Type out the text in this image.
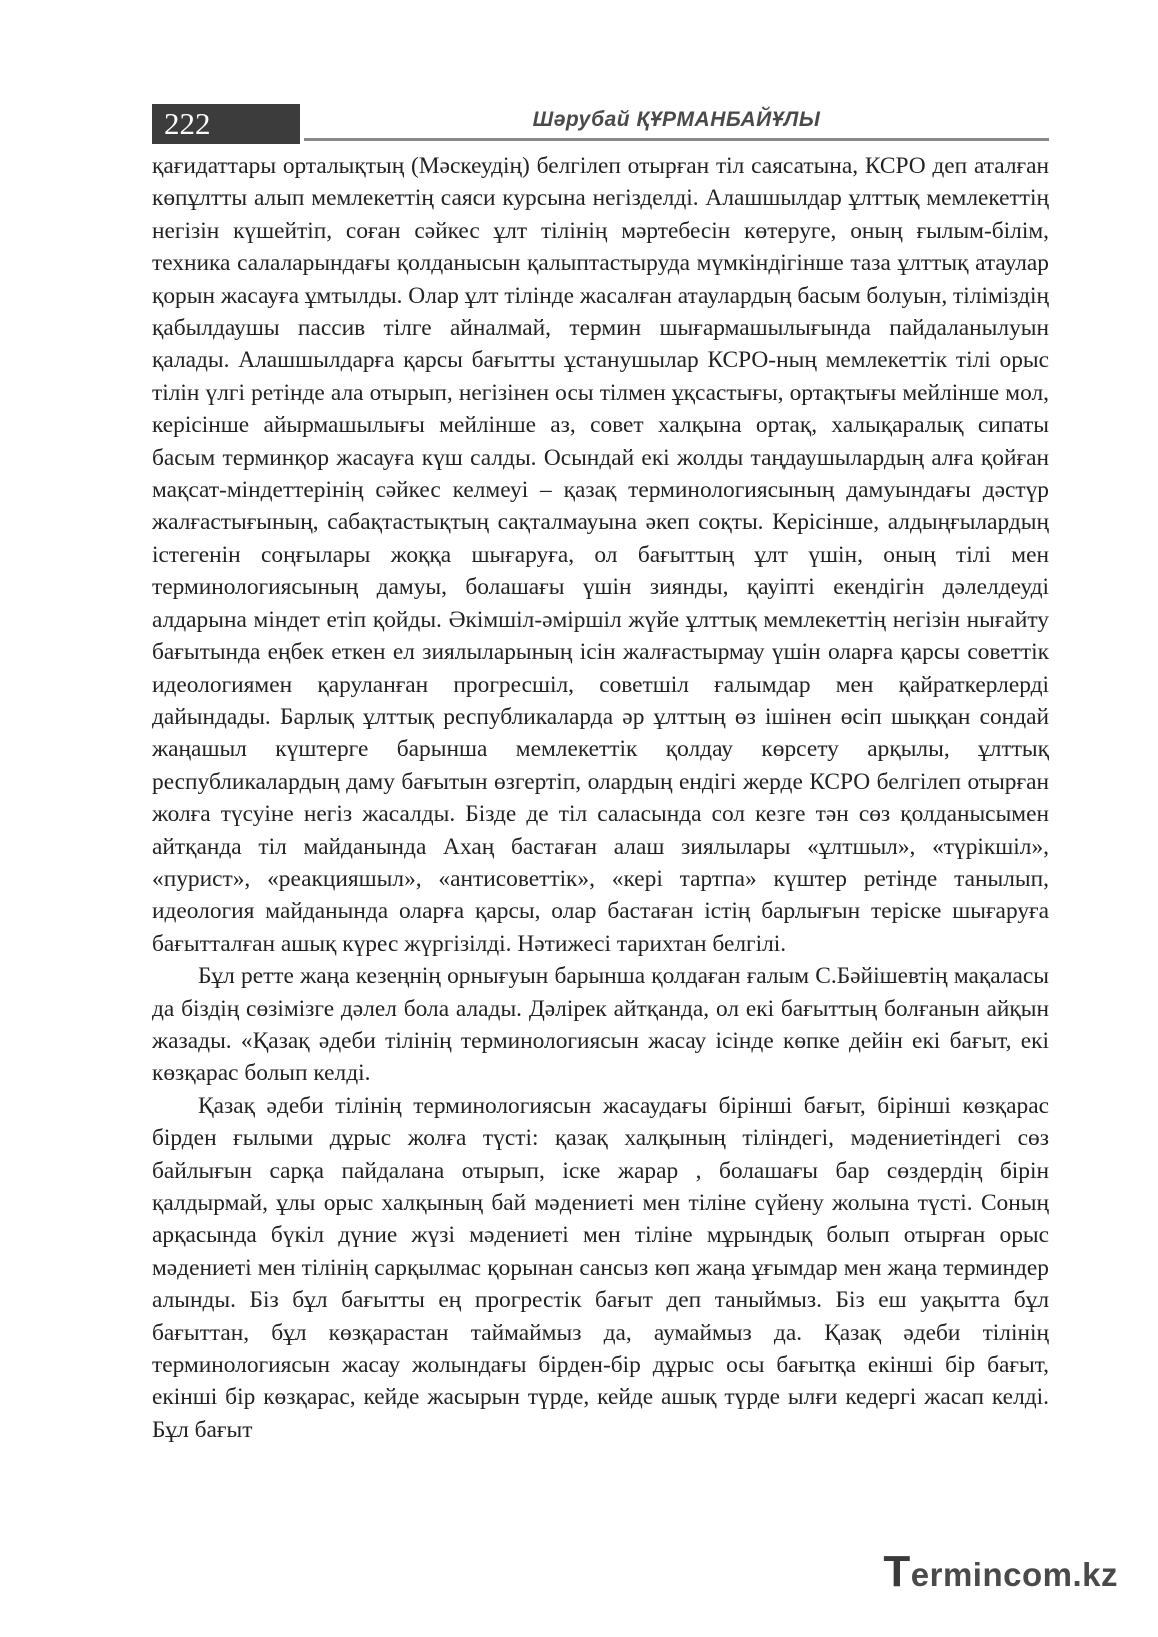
222	Шәрубай ҚҰРМАНБАЙҰЛЫ

қағидаттары орталықтың (Мәскеудің) белгілеп отырған тіл саясатына, КСРО деп аталған көпұлтты алып мемлекеттің саяси курсына негізделді. Алашшылдар ұлттық мемлекеттің негізін күшейтіп, соған сәйкес ұлт тілінің мәртебесін көтеруге, оның ғылым-білім, техника салаларындағы қолданысын қалыптастыруда мүмкіндігінше таза ұлттық атаулар қорын жасауға ұмтылды. Олар ұлт тілінде жасалған атаулардың басым болуын, тіліміздің қабылдаушы пассив тілге айналмай, термин шығармашылығында пайдаланылуын қалады. Алашшылдарға қарсы бағытты ұстанушылар КСРО-ның мемлекеттік тілі орыс тілін үлгі ретінде ала отырып, негізінен осы тілмен ұқсастығы, ортақтығы мейлінше мол, керісінше айырмашылығы мейлінше аз, совет халқына ортақ, халықаралық сипаты басым терминқор жасауға күш салды. Осындай екі жолды таңдаушылардың алға қойған мақсат-міндеттерінің сәйкес келмеуі – қазақ терминологиясының дамуындағы дәстүр жалғастығының, сабақтастықтың сақталмауына әкеп соқты. Керісінше, алдыңғылардың істегенін соңғылары жоққа шығаруға, ол бағыттың ұлт үшін, оның тілі мен терминологиясының дамуы, болашағы үшін зиянды, қауіпті екендігін дәлелдеуді алдарына міндет етіп қойды. Әкімшіл-әміршіл жүйе ұлттық мемлекеттің негізін нығайту бағытында еңбек еткен ел зиялыларының ісін жалғастырмау үшін оларға қарсы советтік идеологиямен қаруланған прогресшіл, советшіл ғалымдар мен қайраткерлерді дайындады. Барлық ұлттық республикаларда әр ұлттың өз ішінен өсіп шыққан сондай жаңашыл күштерге барынша мемлекеттік қолдау көрсету арқылы, ұлттық республикалардың даму бағытын өзгертіп, олардың ендігі жерде КСРО белгілеп отырған жолға түсуіне негіз жасалды. Бізде де тіл саласында сол кезге тән сөз қолданысымен айтқанда тіл майданында Ахаң бастаған алаш зиялылары «ұлтшыл», «түрікшіл», «пурист», «реакцияшыл», «антисоветтік», «кері тартпа» күштер ретінде танылып, идеология майданында оларға қарсы, олар бастаған істің барлығын теріске шығаруға бағытталған ашық күрес жүргізілді. Нәтижесі тарихтан белгілі.

Бұл ретте жаңа кезеңнің орнығуын барынша қолдаған ғалым С.Бәйішевтің мақаласы да біздің сөзімізге дәлел бола алады. Дәлірек айтқанда, ол екі бағыттың болғанын айқын жазады. «Қазақ әдеби тілінің терминологиясын жасау ісінде көпке дейін екі бағыт, екі көзқарас болып келді.

Қазақ әдеби тілінің терминологиясын жасаудағы бірінші бағыт, бірінші көзқарас бірден ғылыми дұрыс жолға түсті: қазақ халқының тіліндегі, мәдениетіндегі сөз байлығын сарқа пайдалана отырып, іске жарар , болашағы бар сөздердің бірін қалдырмай, ұлы орыс халқының бай мәдениеті мен тіліне сүйену жолына түсті. Соның арқасында бүкіл дүние жүзі мәдениеті мен тіліне мұрындық болып отырған орыс мәдениеті мен тілінің сарқылмас қорынан сансыз көп жаңа ұғымдар мен жаңа терминдер алынды. Біз бұл бағытты ең прогрестік бағыт деп таныймыз. Біз еш уақытта бұл бағыттан, бұл көзқарастан таймаймыз да, аумаймыз да. Қазақ әдеби тілінің терминологиясын жасау жолындағы бірден-бір дұрыс осы бағытқа екінші бір бағыт, екінші бір көзқарас, кейде жасырын түрде, кейде ашық түрде ылғи кедергі жасап келді. Бұл бағыт

Termincom.kz
